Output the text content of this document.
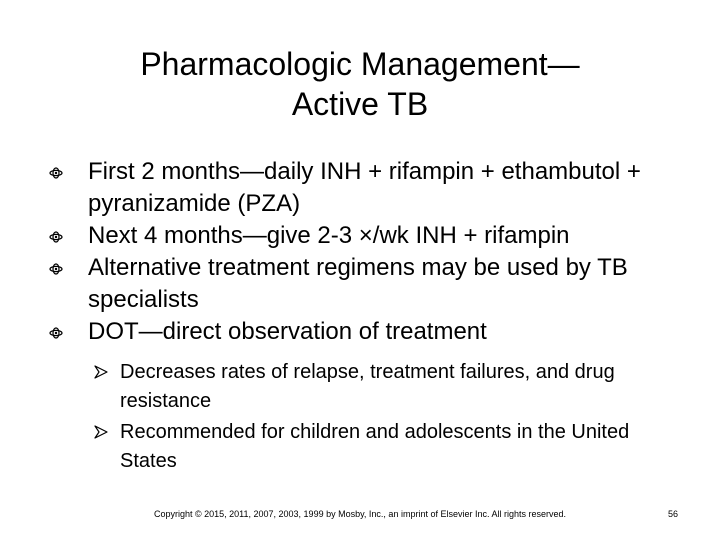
Pharmacologic Management—
Active TB
First 2 months—daily INH + rifampin + ethambutol + pyranizamide (PZA)
Next 4 months—give 2-3 ×/wk INH + rifampin
Alternative treatment regimens may be used by TB specialists
DOT—direct observation of treatment
Decreases rates of relapse, treatment failures, and drug resistance
Recommended for children and adolescents in the United States
Copyright © 2015, 2011, 2007, 2003, 1999 by Mosby, Inc., an imprint of Elsevier Inc. All rights reserved.	56
